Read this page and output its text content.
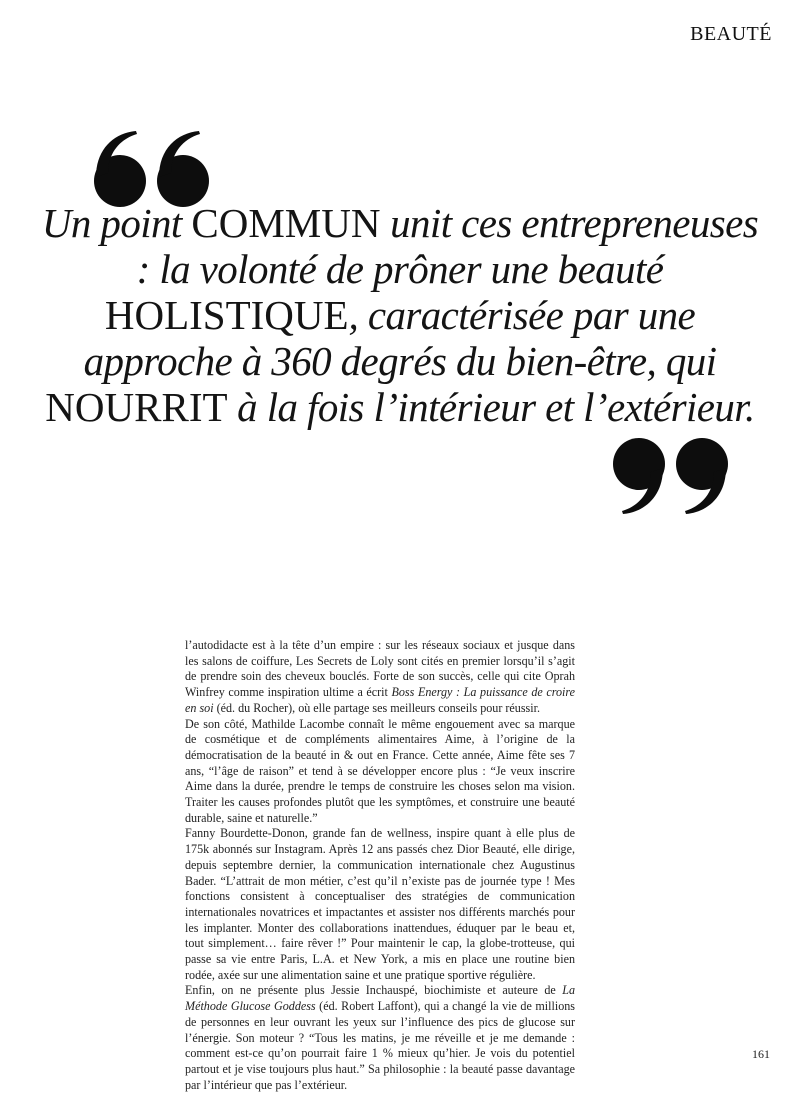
BEAUTÉ
Un point COMMUN unit ces entrepreneuses : la volonté de prôner une beauté HOLISTIQUE, caractérisée par une approche à 360 degrés du bien-être, qui NOURRIT à la fois l’intérieur et l’extérieur.

l’autodidacte est à la tête d’un empire : sur les réseaux sociaux et jusque dans les salons de coiffure, Les Secrets de Loly sont cités en premier lorsqu’il s’agit de prendre soin des cheveux bouclés. Forte de son succès, celle qui cite Oprah Winfrey comme inspiration ultime a écrit Boss Energy : La puissance de croire en soi (éd. du Rocher), où elle partage ses meilleurs conseils pour réussir.

De son côté, Mathilde Lacombe connaît le même engouement avec sa marque de cosmétique et de compléments alimentaires Aime, à l’origine de la démocratisation de la beauté in & out en France. Cette année, Aime fête ses 7 ans, “l’âge de raison” et tend à se développer encore plus : “Je veux inscrire Aime dans la durée, prendre le temps de construire les choses selon ma vision. Traiter les causes profondes plutôt que les symptômes, et construire une beauté durable, saine et naturelle.”

Fanny Bourdette-Donon, grande fan de wellness, inspire quant à elle plus de 175k abonnés sur Instagram. Après 12 ans passés chez Dior Beauté, elle dirige, depuis septembre dernier, la communication internationale chez Augustinus Bader. “L’attrait de mon métier, c’est qu’il n’existe pas de journée type ! Mes fonctions consistent à conceptualiser des stratégies de communication internationales novatrices et impactantes et assister nos différents marchés pour les implanter. Monter des collaborations inattendues, éduquer par le beau et, tout simplement… faire rêver !” Pour maintenir le cap, la globe-trotteuse, qui passe sa vie entre Paris, L.A. et New York, a mis en place une routine bien rodée, axée sur une alimentation saine et une pratique sportive régulière.

Enfin, on ne présente plus Jessie Inchauspé, biochimiste et auteure de La Méthode Glucose Goddess (éd. Robert Laffont), qui a changé la vie de millions de personnes en leur ouvrant les yeux sur l’influence des pics de glucose sur l’énergie. Son moteur ? “Tous les matins, je me réveille et je me demande : comment est-ce qu’on pourrait faire 1 % mieux qu’hier. Je vois du potentiel partout et je vise toujours plus haut.” Sa philosophie : la beauté passe davantage par l’intérieur que pas l’extérieur.

161
